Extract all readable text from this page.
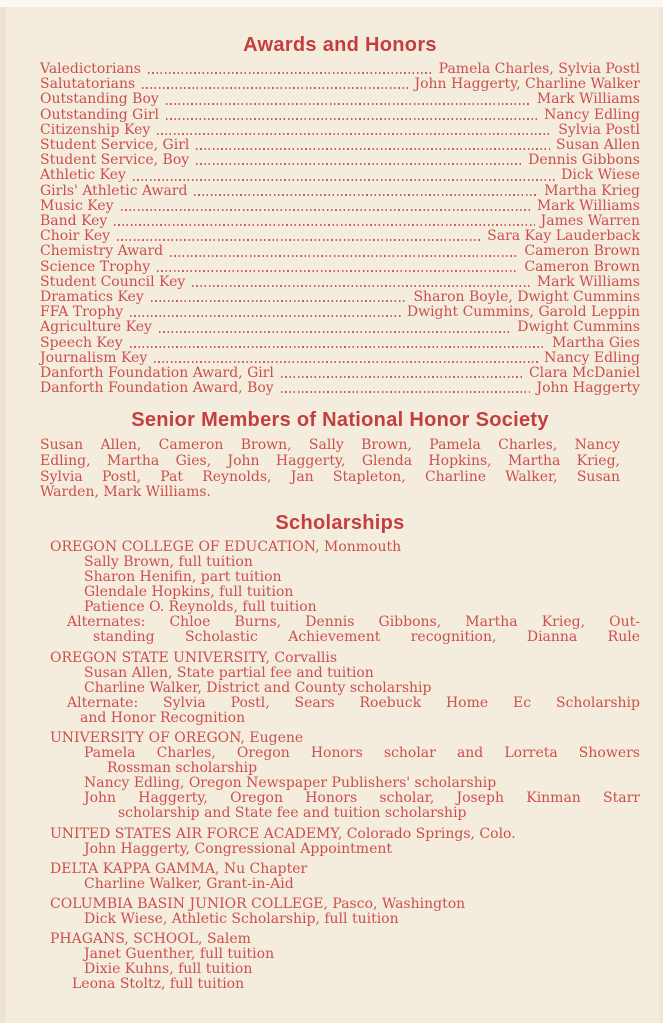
Awards and Honors
Valedictorians	Pamela Charles, Sylvia Postl
Salutatorians	John Haggerty, Charline Walker
Outstanding Boy	Mark Williams
Outstanding Girl	Nancy Edling
Citizenship Key	Sylvia Postl
Student Service, Girl	Susan Allen
Student Service, Boy	Dennis Gibbons
Athletic Key	Dick Wiese
Girls' Athletic Award	Martha Krieg
Music Key	Mark Williams
Band Key	James Warren
Choir Key	Sara Kay Lauderback
Chemistry Award	Cameron Brown
Science Trophy	Cameron Brown
Student Council Key	Mark Williams
Dramatics Key	Sharon Boyle, Dwight Cummins
FFA Trophy	Dwight Cummins, Garold Leppin
Agriculture Key	Dwight Cummins
Speech Key	Martha Gies
Journalism Key	Nancy Edling
Danforth Foundation Award, Girl	Clara McDaniel
Danforth Foundation Award, Boy	John Haggerty
Senior Members of National Honor Society
Susan Allen, Cameron Brown, Sally Brown, Pamela Charles, Nancy
Edling, Martha Gies, John Haggerty, Glenda Hopkins, Martha Krieg,
Sylvia Postl, Pat Reynolds, Jan Stapleton, Charline Walker, Susan
Warden, Mark Williams.
Scholarships
OREGON COLLEGE OF EDUCATION, Monmouth
Sally Brown, full tuition
Sharon Henifin, part tuition
Glendale Hopkins, full tuition
Patience O. Reynolds, full tuition
Alternates: Chloe Burns, Dennis Gibbons, Martha Krieg, Out-
standing Scholastic Achievement recognition, Dianna Rule
OREGON STATE UNIVERSITY, Corvallis
Susan Allen, State partial fee and tuition
Charline Walker, District and County scholarship
Alternate: Sylvia Postl, Sears Roebuck Home Ec Scholarship
and Honor Recognition
UNIVERSITY OF OREGON, Eugene
Pamela Charles, Oregon Honors scholar and Lorreta Showers
Rossman scholarship
Nancy Edling, Oregon Newspaper Publishers' scholarship
John Haggerty, Oregon Honors scholar, Joseph Kinman Starr
scholarship and State fee and tuition scholarship
UNITED STATES AIR FORCE ACADEMY, Colorado Springs, Colo.
John Haggerty, Congressional Appointment
DELTA KAPPA GAMMA, Nu Chapter
Charline Walker, Grant-in-Aid
COLUMBIA BASIN JUNIOR COLLEGE, Pasco, Washington
Dick Wiese, Athletic Scholarship, full tuition
PHAGANS, SCHOOL, Salem
Janet Guenther, full tuition
Dixie Kuhns, full tuition
Leona Stoltz, full tuition
